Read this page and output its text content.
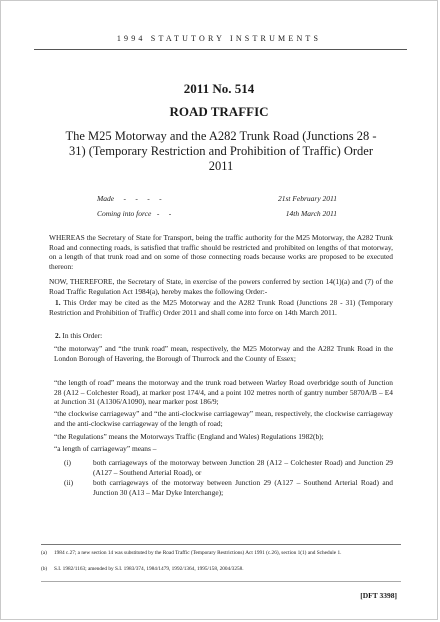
1994 STATUTORY INSTRUMENTS
2011 No. 514
ROAD TRAFFIC
The M25 Motorway and the A282 Trunk Road (Junctions 28 - 31) (Temporary Restriction and Prohibition of Traffic) Order 2011
Made     -     -     -     -	21st February 2011
Coming into force   -     -	14th March 2011
WHEREAS the Secretary of State for Transport, being the traffic authority for the M25 Motorway, the A282 Trunk Road and connecting roads, is satisfied that traffic should be restricted and prohibited on lengths of that motorway, on a length of that trunk road and on some of those connecting roads because works are proposed to be executed thereon:
NOW, THEREFORE, the Secretary of State, in exercise of the powers conferred by section 14(1)(a) and (7) of the Road Traffic Regulation Act 1984(a), hereby makes the following Order:-
1. This Order may be cited as the M25 Motorway and the A282 Trunk Road (Junctions 28 - 31) (Temporary Restriction and Prohibition of Traffic) Order 2011 and shall come into force on 14th March 2011.
2. In this Order:
“the motorway” and “the trunk road” mean, respectively, the M25 Motorway and the A282 Trunk Road in the London Borough of Havering, the Borough of Thurrock and the County of Essex;
“the length of road” means the motorway and the trunk road between Warley Road overbridge south of Junction 28 (A12 – Colchester Road), at marker post 174/4, and a point 102 metres north of gantry number 5870A/B – E4 at Junction 31 (A1306/A1090), near marker post 186/9;
“the clockwise carriageway” and “the anti-clockwise carriageway” mean, respectively, the clockwise carriageway and the anti-clockwise carriageway of the length of road;
“the Regulations” means the Motorways Traffic (England and Wales) Regulations 1982(b);
“a length of carriageway” means –
(i)	both carriageways of the motorway between Junction 28 (A12 – Colchester Road) and Junction 29 (A127 – Southend Arterial Road), or
(ii)	both carriageways of the motorway between Junction 29 (A127 – Southend Arterial Road) and Junction 30 (A13 – Mar Dyke Interchange);
(a) 1984 c.27; a new section 14 was substituted by the Road Traffic (Temporary Restrictions) Act 1991 (c.26), section 1(1) and Schedule 1.
(b) S.I. 1982/1163; amended by S.I. 1983/374, 1984/1479, 1992/1364, 1995/158, 2004/3258.
[DFT 3398]
